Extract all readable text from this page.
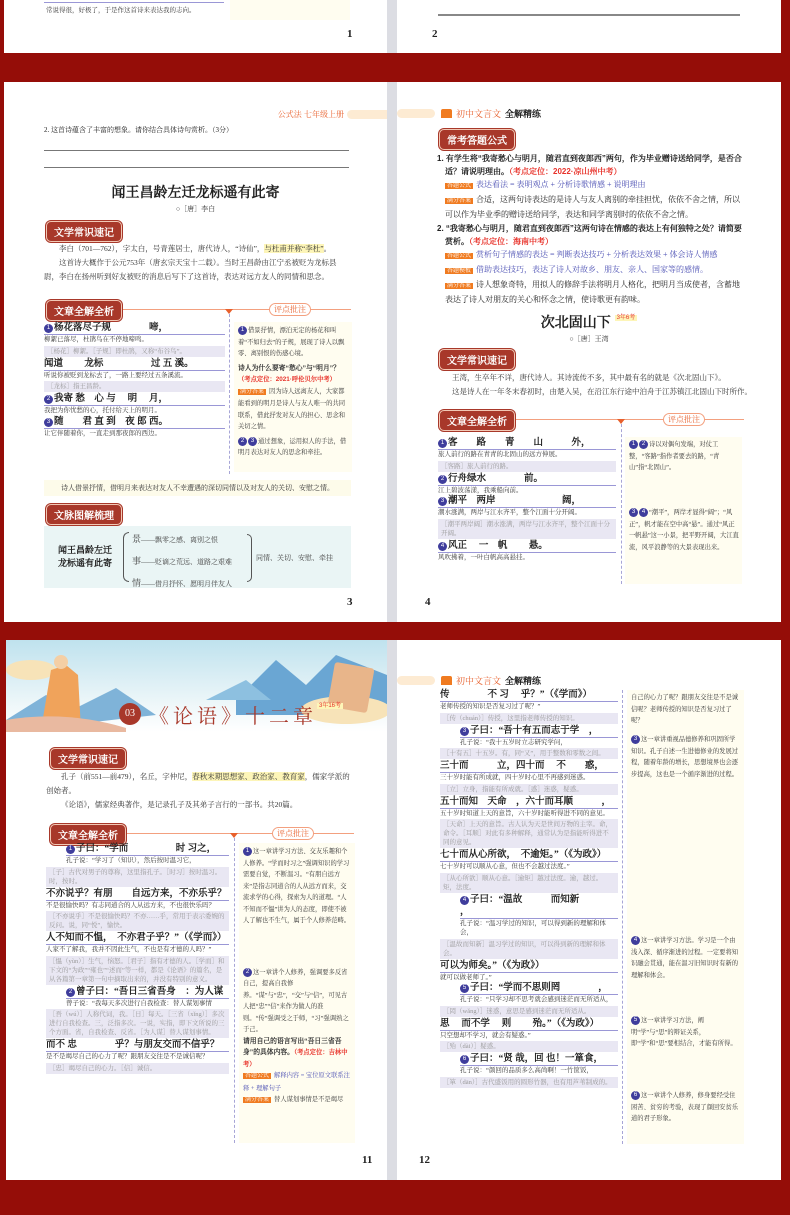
常说得很，好极了，于是作这首诗来表达我的志向。
1	2
公式法 七年级上册
2. 这首诗蕴含了丰富的想象。请你结合具体诗句赏析。（3分）
闻王昌龄左迁龙标遥有此寄
○［唐］李白
文学常识速记
李白（701—762），字太白，号青莲居士，唐代诗人，“诗仙”，与杜甫并称“李杜”。
这首诗大概作于公元753年（唐玄宗天宝十二载）。当时王昌龄由江宁丞被贬为龙标县尉，李白在扬州听到好友被贬的消息后写下了这首诗，表达对远方友人的同情和思念。
文章全解全析	评点批注
1 杨花落尽子规　　　　啼，
柳絮已落尽，杜鹃鸟在不停地啼鸣。
［杨花］柳絮。［子规］即杜鹃，又称“布谷鸟”。
闻道　　 龙标　　　　　过 五 溪。
听说你被贬到龙标去了，一路上要经过五条溪流。
［龙标］指王昌龄。
2 我寄 愁　心 与　 明　 月，
我把为你忧愁的心，托付给天上的明月。
3 随　　君 直 到　夜 郎 西。
让它伴随着你，一直走到那夜郎的西边。
1 借景抒情，漂泊无定的杨花和叫着“不如归去”的子规，展现了诗人以飘零、离别恨的伤感心境。
诗人为什么要寄“愁心”与“明月”？
（考点定位：2021·呼伦贝尔中考）
满分答案 因为诗人远离友人，大家都能看到的明月是诗人与友人唯一的共同联系，借此抒发对友人的担心、思念和关切之情。
2 3 通过想象，运用拟人的手法，借明月表达对友人的思念和牵挂。
诗人借景抒情，借明月来表达对友人不幸遭遇的深切同情以及对友人的关切、安慰之情。
文脉图解梳理
闻王昌龄左迁
龙标遥有此寄
景——飘零之感、离别之恨
事——贬谪之荒远、道路之艰难
情——借月抒怀、愿明月伴友人
同情、关切、安慰、牵挂
3
初中文言文 全解精练
常考答题公式
1. 有学生将“我寄愁心与明月，随君直到夜郎西”两句，作为毕业赠诗送给同学，是否合适？请说明理由。（考点定位：2022·凉山州中考）
答题公式 表达看法 = 表明观点 + 分析诗歌情感 + 说明理由
满分答案 合适，这两句诗表达的是诗人与友人离别的牵挂担忧，依依不舍之情，所以可以作为毕业季的赠诗送给同学，表达和同学离别时的依依不舍之情。
2. “我寄愁心与明月，随君直到夜郎西”这两句诗在情感的表达上有何独特之处？请简要赏析。（考点定位：海南中考）
答题公式 赏析句子情感的表达 = 判断表达技巧 + 分析表达效果 + 体会诗人情感
答题模板 借助表达技巧，表达了诗人对故乡、朋友、亲人、国家等的感情。
满分答案 诗人想象奇特，用拟人的修辞手法将明月人格化，把明月当成使者，含蓄地表达了诗人对朋友的关心和怀念之情，使诗歌更有韵味。
次北固山下 $^{3年6考}$
○［唐］王湾
文学常识速记
王湾，生卒年不详，唐代诗人。其诗流传不多，其中最有名的就是《次北固山下》。
这是诗人在一年冬末春初时，由楚入吴，在沿江东行途中泊舟于江苏镇江北固山下时所作。
文章全解全析	评点批注
1 客　　路　　青　　山　　　外，
旅人前行的路在青青的北固山的远方伸展。
［客路］旅人前行的路。
2 行舟绿水　　　　前。
江上碧波荡漾，我乘船向前。
3 潮平　两岸　　　　　　　阔，
潮水涨满，两岸与江水齐平，整个江面十分开阔。
［潮平两岸阔］潮水涨满，两岸与江水齐平，整个江面十分开阔。
4 风正　 一　帆　　 悬。
风吹拂着，一叶白帆高高悬挂。
1 2 诗以对偶句发端，对仗工整，“客路”指作者要去的路，“青山”指“北固山”。
3 4 “潮平”，两岸才显得“阔”；“风正”，帆才能在空中高“悬”。通过“风正一帆悬”这一小景，把平野开阔，大江直流，风平浪静等的大景表现出来。
4
03 《论语》十二章 $^{3年16考}$
文学常识速记
孔子（前551—前479），名丘，字仲尼，春秋末期思想家、政治家、教育家，儒家学派的创始者。
《论语》，儒家经典著作，是记录孔子及其弟子言行的一部书。共20篇。
文章全解全析	评点批注
1 子曰：“学而　　　　　时 习之，
孔子说：“学习了（知识），然后按时温习它，
［子］古代对男子的尊称，这里指孔子。［时习］按时温习。时，按时。
不亦说乎？有朋　　自远方来，不亦乐乎？
不是很愉快吗？有志同道合的人从远方来，不也很快乐吗？
［不亦说乎］不是很愉快吗？不亦……乎，常用于表示委婉的反问。说，同“悦”，愉快。
人不知而不愠，　不亦君子乎？”（《学而》）
人家不了解我，我并不因此生气，不也是有才德的人吗？”
［愠（yùn）］生气，恼怒。［君子］指有才德的人。［学而］和下文的“为政”“雍也”“述而”等一样，都是《论语》的篇名，是从各篇第一章第一句中摘取出来的，并没有特别的意义。
2 曾子曰：“吾日三省吾身　：为人谋
曾子说：“我每天多次进行自我检查：替人谋划事情
［吾（wú）］人称代词，我。［日］每天。［三省（xǐng）］多次进行自我检查。三，泛指多次。一说，实指，即下文所说的三个方面。省，自我检查、反省。［为人谋］替人谋划事情。
而不 忠　　　　乎？与朋友交而不信乎？
是不是竭尽自己的心力了呢？跟朋友交往是不是诚信呢？
［忠］竭尽自己的心力。［信］诚信。
1 这一章讲学习方法、交友乐趣和个人修养。“学而时习之”强调知识的学习需要自觉，不断温习。“有朋自远方来”是指志同道合的人从远方而来，交流求学的心得，探索为人的道理。“人不知而不愠”讲为人的态度，即使不被人了解也不生气，属于个人修养范畴。
2 这一章讲个人修养，强调要多反省自己，提高自我修养。“谋”与“忠”，“交”与“信”，可见古人把“忠”“信”来作为做人的准则。“传”强调受之于师，“习”强调熟之于己。
请用自己的语言写出“吾日三省吾身”的具体内容。（考点定位：吉林中考）
答题公式 解释内容 = 宝位原文联系注释 + 理解句子
满分答案 替人谋划事情是不是竭尽
11
初中文言文 全解精练
传　　　　不 习　 乎？”（《学而》）
老师传授的知识是否复习过了呢？”
［传（chuán）］传授，这里指老师传授的知识。
3 子曰：“吾十有五而志于学　，
孔子说：“我十五岁时立志研究学问，
［十有五］十五岁。有，同“又”，用于整数和零数之间。
三十而　　　立，四十而　 不　　惑，
三十岁时能有所成就，四十岁时心里不再感到迷惑。
［立］立身，指能有所成就。［惑］迷惑，疑惑。
五十而知　天命　，六十而耳顺　　　，
五十岁时知道上天的意旨，六十岁时能听得进不同的意见。
［天命］上天的意旨。古人认为天是世间万物的主宰。命，命令。［耳顺］对此有多种解释，通常认为是指能听得进不同的意见。
七十而从心所欲，　不逾矩。”（《为政》）
七十岁时可以顺从心意，但也不会越过法度。”
［从心所欲］顺从心意。［逾矩］越过法度。逾，越过。矩，法度。
4 子曰：“温故　　　而知新　　　　，
孔子说：“温习学过的知识，可以得到新的理解和体会，
［温故而知新］温习学过的知识，可以得到新的理解和体会。
可以为师矣。”（《为政》）
就可以做老师了。”
5 子曰：“学而不思则罔　　　　，
孔子说：“只学习却不思考就会感到迷茫而无所适从，
［罔（wǎng）］迷惑，意思是感到迷茫而无所适从。
思　 而不学　 则　　 殆。”（《为政》）
只空想却不学习，就会有疑惑。”
［殆（dài）］疑惑。
6 子曰：“贤 哉，回 也！一箪食，
孔子说：“颜回的品质多么高尚啊！一竹筐饭，
［箪（dān）］古代盛饭用的圆形竹器，也有用芦苇制成的。
自己的心力了呢？跟朋友交往是不是诚信呢？老师传授的知识是否复习过了呢？
3 这一章讲重视品德修养和巩固所学知识。孔子自述一生进德修业的发展过程，随着年龄的增长，思想境界也会逐步提高，这也是一个循序渐进的过程。
4 这一章讲学习方法。学习是一个由浅入深、循序渐进的过程。一定要将知识融会贯通，能在温习旧知识时有新的理解和体会。
5 这一章讲学习方法，阐明“学”与“思”的辩证关系，即“学”和“思”要相结合，才能有所得。
6 这一章讲个人修养，修身要经受住困苦、贫穷的考验，表现了颜回安贫乐道的君子形象。
12
